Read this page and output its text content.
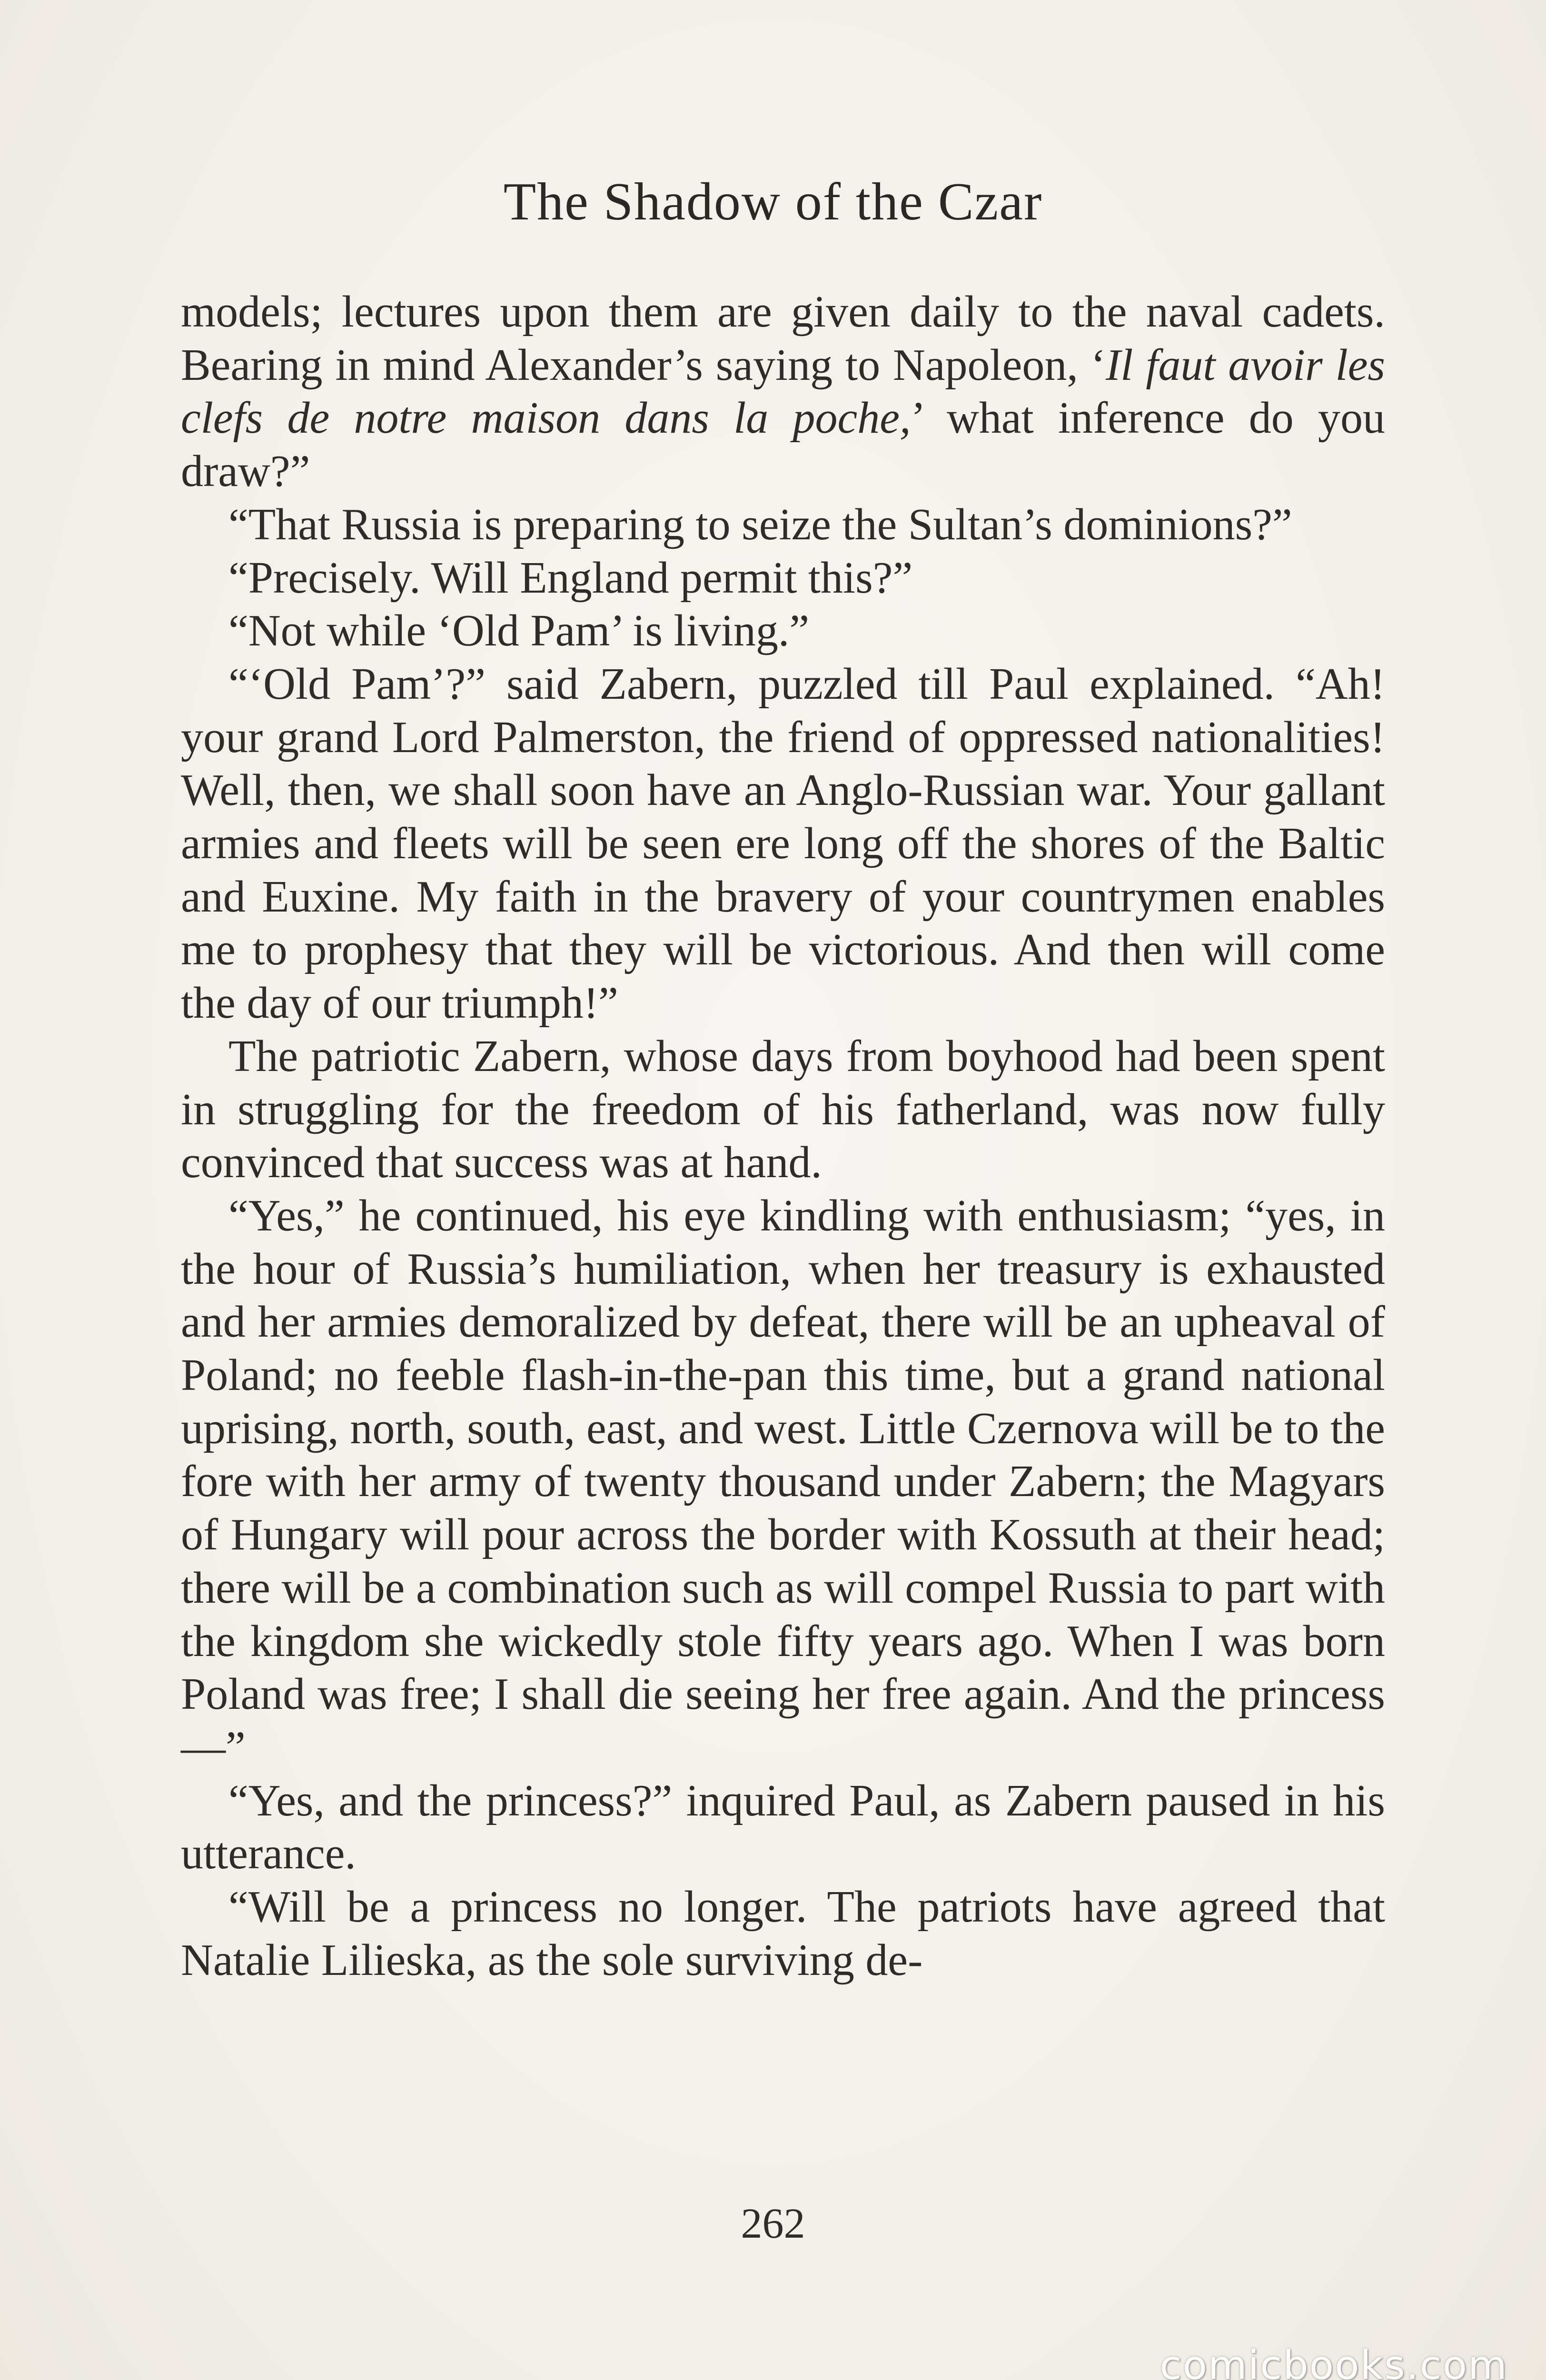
The Shadow of the Czar

models; lectures upon them are given daily to the naval cadets. Bearing in mind Alexander’s saying to Napoleon, ‘Il faut avoir les clefs de notre maison dans la poche,’ what inference do you draw?”

“That Russia is preparing to seize the Sultan’s dominions?”

“Precisely. Will England permit this?”

“Not while ‘Old Pam’ is living.”

“‘Old Pam’?” said Zabern, puzzled till Paul explained. “Ah! your grand Lord Palmerston, the friend of oppressed nationalities! Well, then, we shall soon have an Anglo-Russian war. Your gallant armies and fleets will be seen ere long off the shores of the Baltic and Euxine. My faith in the bravery of your countrymen enables me to prophesy that they will be victorious. And then will come the day of our triumph!”

The patriotic Zabern, whose days from boyhood had been spent in struggling for the freedom of his fatherland, was now fully convinced that success was at hand.

“Yes,” he continued, his eye kindling with enthusiasm; “yes, in the hour of Russia’s humiliation, when her treasury is exhausted and her armies demoralized by defeat, there will be an upheaval of Poland; no feeble flash-in-the-pan this time, but a grand national uprising, north, south, east, and west. Little Czernova will be to the fore with her army of twenty thousand under Zabern; the Magyars of Hungary will pour across the border with Kossuth at their head; there will be a combination such as will compel Russia to part with the kingdom she wickedly stole fifty years ago. When I was born Poland was free; I shall die seeing her free again. And the princess—”

“Yes, and the princess?” inquired Paul, as Zabern paused in his utterance.

“Will be a princess no longer. The patriots have agreed that Natalie Lilieska, as the sole surviving de-

262
comicbooks.com
